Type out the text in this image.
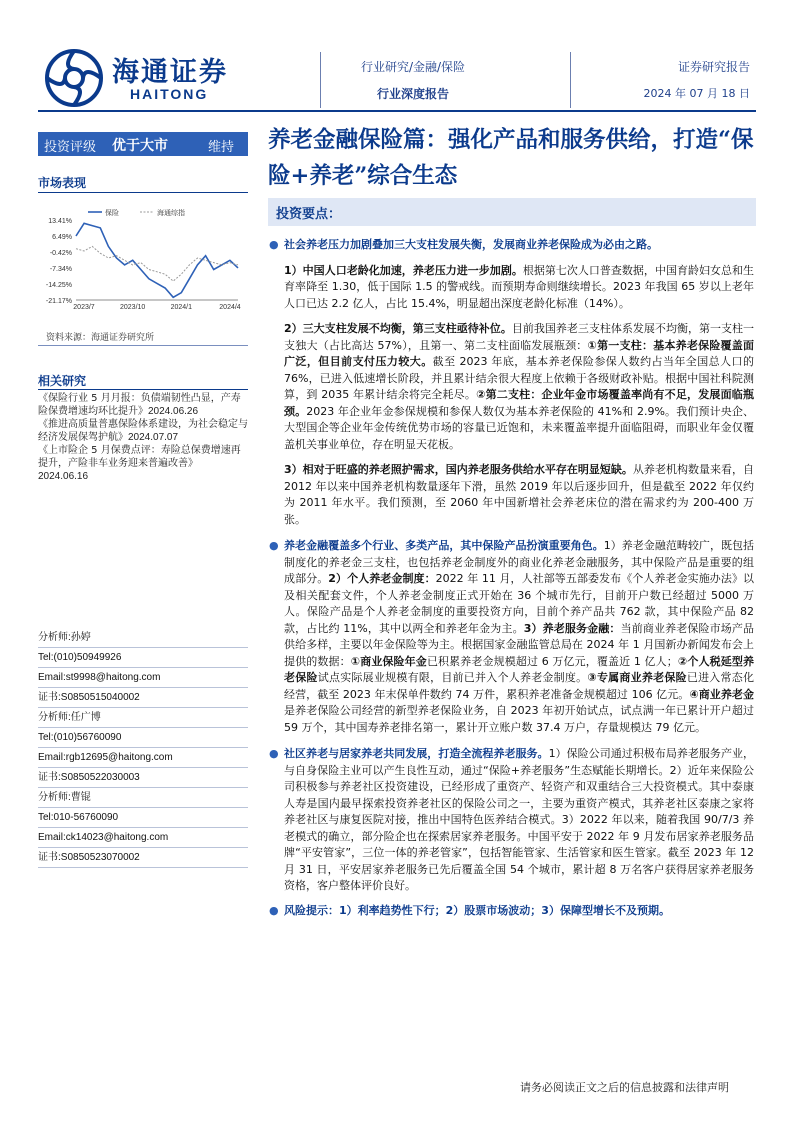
海通证券
HAITONG
行业研究/金融/保险
行业深度报告
证券研究报告
2024 年 07 月 18 日
投资评级 优于大市	维持 养老金融保险篇：强化产品和服务供给，打造“保险+养老”综合生态
市场表现
13.41%
6.49%
-0.42%
-7.34%
-14.25%
-21.17%
2023/7	2023/10	2024/1	2024/4
保险	海通综指
资料来源：海通证券研究所
相关研究
《保险行业 5 月月报：负债端韧性凸显，产寿险保费增速均环比提升》2024.06.26
《推进高质量普惠保险体系建设，为社会稳定与经济发展保驾护航》2024.07.07
《上市险企 5 月保费点评：寿险总保费增速再提升，产险非车业务迎来普遍改善》
2024.06.16
分析师:孙婷
Tel:(010)50949926
Email:st9998@haitong.com
证书:S0850515040002
分析师:任广博
Tel:(010)56760090
Email:rgb12695@haitong.com
证书:S0850522030003
分析师:曹锟
Tel:010-56760090
Email:ck14023@haitong.com
证书:S0850523070002
投资要点：

● 社会养老压力加剧叠加三大支柱发展失衡，发展商业养老保险成为必由之路。

1）中国人口老龄化加速，养老压力进一步加剧。根据第七次人口普查数据，中国育龄妇女总和生育率降至 1.30，低于国际 1.5 的警戒线。而预期寿命则继续增长。2023 年我国 65 岁以上老年人口已达 2.2 亿人，占比 15.4%，明显超出深度老龄化标准（14%）。

2）三大支柱发展不均衡，第三支柱亟待补位。目前我国养老三支柱体系发展不均衡，第一支柱一支独大（占比高达 57%），且第一、第二支柱面临发展瓶颈：①第一支柱：基本养老保险覆盖面广泛，但目前支付压力较大。截至 2023 年底，基本养老保险参保人数约占当年全国总人口的 76%，已进入低速增长阶段，并且累计结余很大程度上依赖于各级财政补贴。根据中国社科院测算，到 2035 年累计结余将完全耗尽。②第二支柱：企业年金市场覆盖率尚有不足，发展面临瓶颈。2023 年企业年金参保规模和参保人数仅为基本养老保险的 41%和 2.9%。我们预计央企、大型国企等企业年金传统优势市场的容量已近饱和，未来覆盖率提升面临阻碍，而职业年金仅覆盖机关事业单位，存在明显天花板。

3）相对于旺盛的养老照护需求，国内养老服务供给水平存在明显短缺。从养老机构数量来看，自 2012 年以来中国养老机构数量逐年下滑，虽然 2019 年以后逐步回升，但是截至 2022 年仅约为 2011 年水平。我们预测，至 2060 年中国新增社会养老床位的潜在需求约为 200-400 万张。

● 养老金融覆盖多个行业、多类产品，其中保险产品扮演重要角色。1）养老金融范畴较广，既包括制度化的养老金三支柱，也包括养老金制度外的商业化养老金融服务，其中保险产品是重要的组成部分。2）个人养老金制度：2022 年 11 月，人社部等五部委发布《个人养老金实施办法》以及相关配套文件，个人养老金制度正式开始在 36 个城市先行，目前开户数已经超过 5000 万人。保险产品是个人养老金制度的重要投资方向，目前个养产品共 762 款，其中保险产品 82 款，占比约 11%，其中以两全和养老年金为主。3）养老服务金融：当前商业养老保险市场产品供给多样，主要以年金保险等为主。根据国家金融监管总局在 2024 年 1 月国新办新闻发布会上提供的数据：①商业保险年金已积累养老金规模超过 6 万亿元，覆盖近 1 亿人；②个人税延型养老保险试点实际展业规模有限，目前已并入个人养老金制度。③专属商业养老保险已进入常态化经营，截至 2023 年末保单件数约 74 万件，累积养老准备金规模超过 106 亿元。④商业养老金是养老保险公司经营的新型养老保险业务，自 2023 年初开始试点，试点满一年已累计开户超过 59 万个，其中国寿养老排名第一，累计开立账户数 37.4 万户，存量规模达 79 亿元。

● 社区养老与居家养老共同发展，打造全流程养老服务。1）保险公司通过积极布局养老服务产业，与自身保险主业可以产生良性互动，通过“保险+养老服务”生态赋能长期增长。2）近年来保险公司积极参与养老社区投资建设，已经形成了重资产、轻资产和双重结合三大投资模式。其中泰康人寿是国内最早探索投资养老社区的保险公司之一，主要为重资产模式，其养老社区泰康之家将养老社区与康复医院对接，推出中国特色医养结合模式。3）2022 年以来，随着我国 90/7/3 养老模式的确立，部分险企也在探索居家养老服务。中国平安于 2022 年 9 月发布居家养老服务品牌“平安管家”，三位一体的养老管家”，包括智能管家、生活管家和医生管家。截至 2023 年 12 月 31 日，平安居家养老服务已先后覆盖全国 54 个城市，累计超 8 万名客户获得居家养老服务资格，客户整体评价良好。

● 风险提示：1）利率趋势性下行；2）股票市场波动；3）保障型增长不及预期。

请务必阅读正文之后的信息披露和法律声明
